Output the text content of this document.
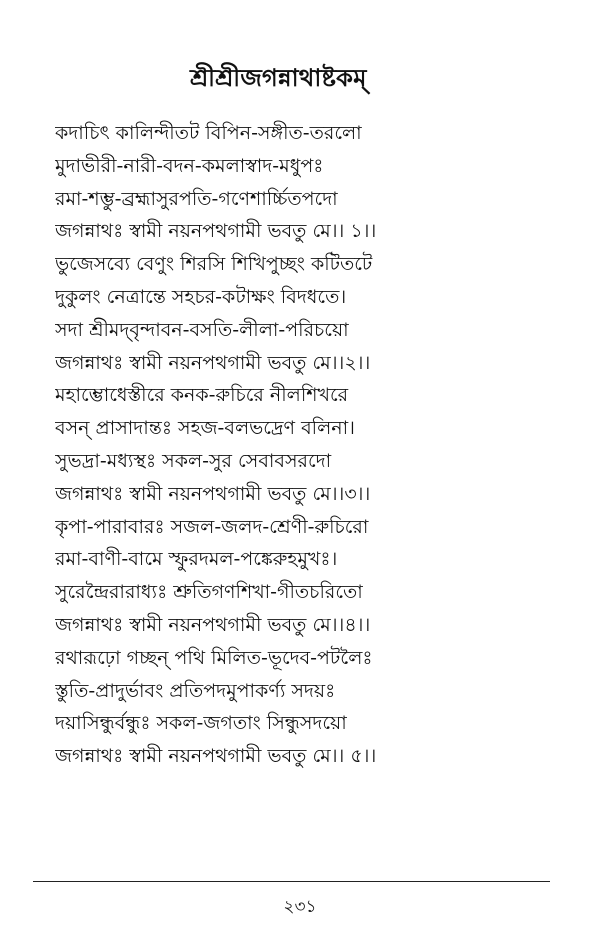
শ্রীশ্রীজগন্নাথাষ্টকম্
কদাচিৎ কালিন্দীতট বিপিন-সঙ্গীত-তরলো
মুদাভীরী-নারী-বদন-কমলাস্বাদ-মধুপঃ
রমা-শম্ভু-ব্রহ্মাসুরপতি-গণেশার্চ্চিতপদো
জগন্নাথঃ স্বামী নয়নপথগামী ভবতু মে।। ১।।
ভুজেসব্যে বেণুং শিরসি শিখিপুচ্ছং কটিতটে
দুকুলং নেত্রান্তে সহচর-কটাক্ষং বিদধতে।
সদা শ্রীমদ্‌বৃন্দাবন-বসতি-লীলা-পরিচয়ো
জগন্নাথঃ স্বামী নয়নপথগামী ভবতু মে।।২।।
মহাম্ভোধেস্তীরে কনক-রুচিরে নীলশিখরে
বসন্ প্রাসাদান্তঃ সহজ-বলভদ্রেণ বলিনা।
সুভদ্রা-মধ্যস্থঃ সকল-সুর সেবাবসরদো
জগন্নাথঃ স্বামী নয়নপথগামী ভবতু মে।।৩।।
কৃপা-পারাবারঃ সজল-জলদ-শ্রেণী-রুচিরো
রমা-বাণী-বামে স্ফুরদমল-পঙ্কেরুহমুখঃ।
সুরেন্দ্রৈরারাধ্যঃ শ্রুতিগণশিখা-গীতচরিতো
জগন্নাথঃ স্বামী নয়নপথগামী ভবতু মে।।৪।।
রথারূঢ়ো গচ্ছন্ পথি মিলিত-ভূদেব-পটলৈঃ
স্তুতি-প্রাদুর্ভাবং প্রতিপদমুপাকর্ণ্য সদয়ঃ
দয়াসিন্ধুর্বন্ধুঃ সকল-জগতাং সিন্ধুসদয়ো
জগন্নাথঃ স্বামী নয়নপথগামী ভবতু মে।। ৫।।
২৩১
